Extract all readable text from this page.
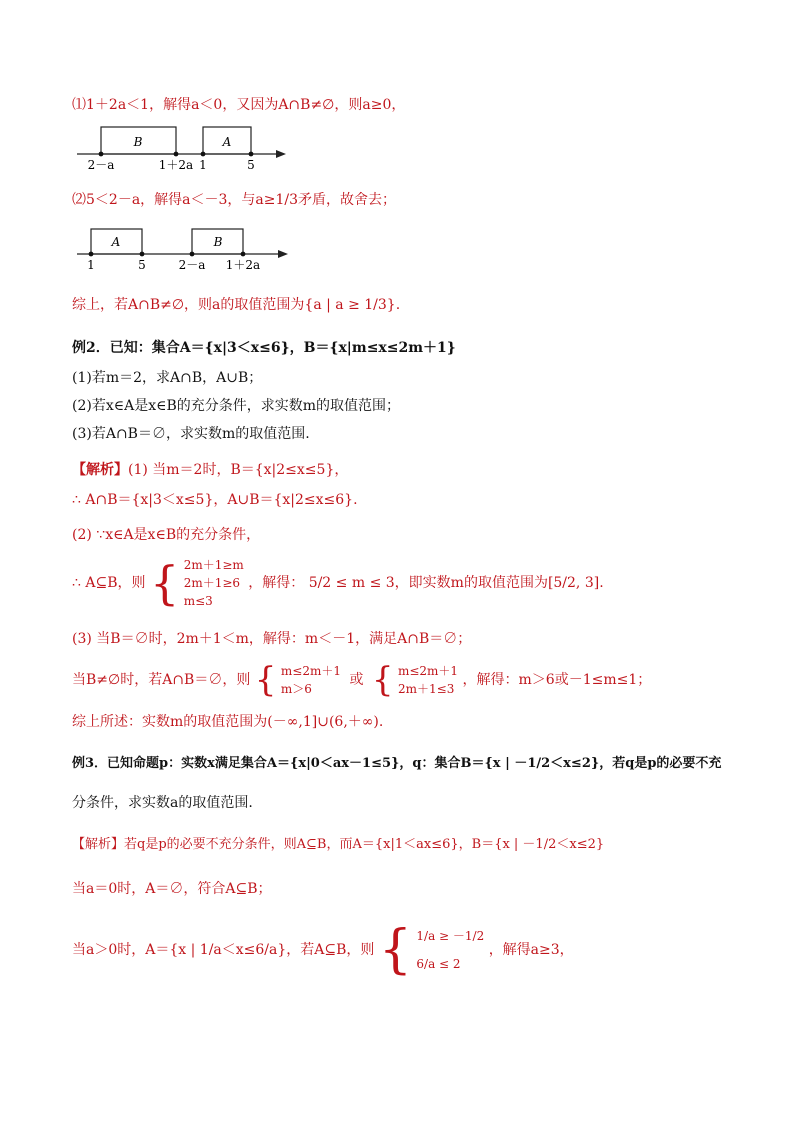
⑴1＋2a＜1，解得a＜0，又因为A∩B≠∅，则a≥0，
B	A
2－a	1＋2a 1	5
⑵5＜2－a，解得a＜－3，与a≥1/3矛盾，故舍去；
A	B
1	5	2－a 1＋2a
综上，若A∩B≠∅，则a的取值范围为{a | a ≥ 1/3}.
例2．已知：集合A＝{x|3＜x≤6}，B＝{x|m≤x≤2m＋1}
(1)若m＝2，求A∩B，A∪B；
(2)若x∈A是x∈B的充分条件，求实数m的取值范围；
(3)若A∩B＝∅，求实数m的取值范围.
【解析】(1) 当m＝2时，B＝{x|2≤x≤5}，
∴ A∩B＝{x|3＜x≤5}，A∪B＝{x|2≤x≤6}.
(2) ∵x∈A是x∈B的充分条件，
∴ A⊆B，则 { 2m＋1≥m
2m＋1≥6
m≤3
，解得： 5/2 ≤ m ≤ 3，即实数m的取值范围为[5/2, 3].
(3) 当B＝∅时，2m＋1＜m，解得：m＜－1，满足A∩B＝∅；
当B≠∅时，若A∩B＝∅，则 { m≤2m＋1
m＞6
或 { m≤2m＋1
2m＋1≤3
，解得：m＞6或－1≤m≤1；
综上所述：实数m的取值范围为(－∞,1]∪(6,＋∞).
例3．已知命题p：实数x满足集合A＝{x|0＜ax－1≤5}，q：集合B＝{x | －1/2＜x≤2}，若q是p的必要不充
分条件，求实数a的取值范围.
【解析】若q是p的必要不充分条件，则A⊆B，而A＝{x|1＜ax≤6}，B＝{x | －1/2＜x≤2}
当a＝0时，A＝∅，符合A⊆B；
当a＞0时，A＝{x | 1/a＜x≤6/a}，若A⊆B，则 { 1/a ≥ －1/2
6/a ≤ 2
，解得a≥3，
